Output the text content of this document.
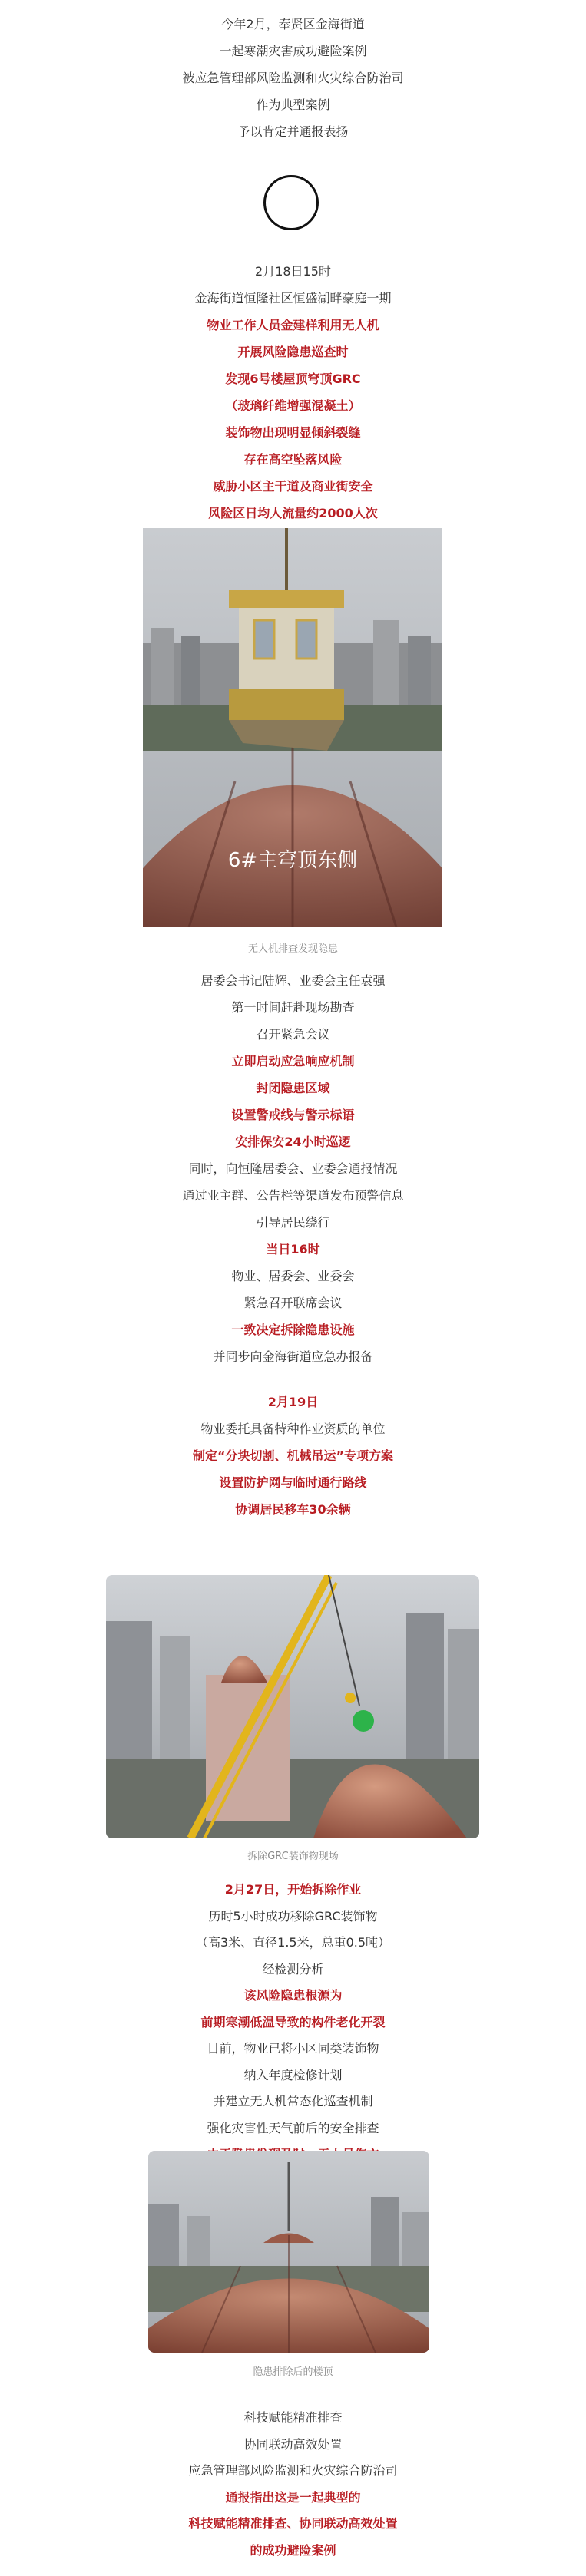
今年2月，奉贤区金海街道
一起寒潮灾害成功避险案例
被应急管理部风险监测和火灾综合防治司
作为典型案例
予以肯定并通报表扬
2月18日15时
金海街道恒隆社区恒盛湖畔豪庭一期
物业工作人员金建样利用无人机
开展风险隐患巡查时
发现6号楼屋顶穹顶GRC
（玻璃纤维增强混凝土）
装饰物出现明显倾斜裂缝
存在高空坠落风险
威胁小区主干道及商业街安全
风险区日均人流量约2000人次
6#主穹顶东侧
无人机排查发现隐患
居委会书记陆辉、业委会主任袁强
第一时间赶赴现场勘查
召开紧急会议
立即启动应急响应机制
封闭隐患区域
设置警戒线与警示标语
安排保安24小时巡逻
同时，向恒隆居委会、业委会通报情况
通过业主群、公告栏等渠道发布预警信息
引导居民绕行
当日16时
物业、居委会、业委会
紧急召开联席会议
一致决定拆除隐患设施
并同步向金海街道应急办报备
2月19日
物业委托具备特种作业资质的单位
制定“分块切割、机械吊运”专项方案
设置防护网与临时通行路线
协调居民移车30余辆
拆除GRC装饰物现场
2月27日，开始拆除作业
历时5小时成功移除GRC装饰物
（高3米、直径1.5米，总重0.5吨）
经检测分析
该风险隐患根源为
前期寒潮低温导致的构件老化开裂
目前，物业已将小区同类装饰物
纳入年度检修计划
并建立无人机常态化巡查机制
强化灾害性天气前后的安全排查
隐患排除后的楼顶
科技赋能精准排查
协同联动高效处置
应急管理部风险监测和火灾综合防治司
通报指出这是一起典型的
科技赋能精准排查、协同联动高效处置
的成功避险案例
